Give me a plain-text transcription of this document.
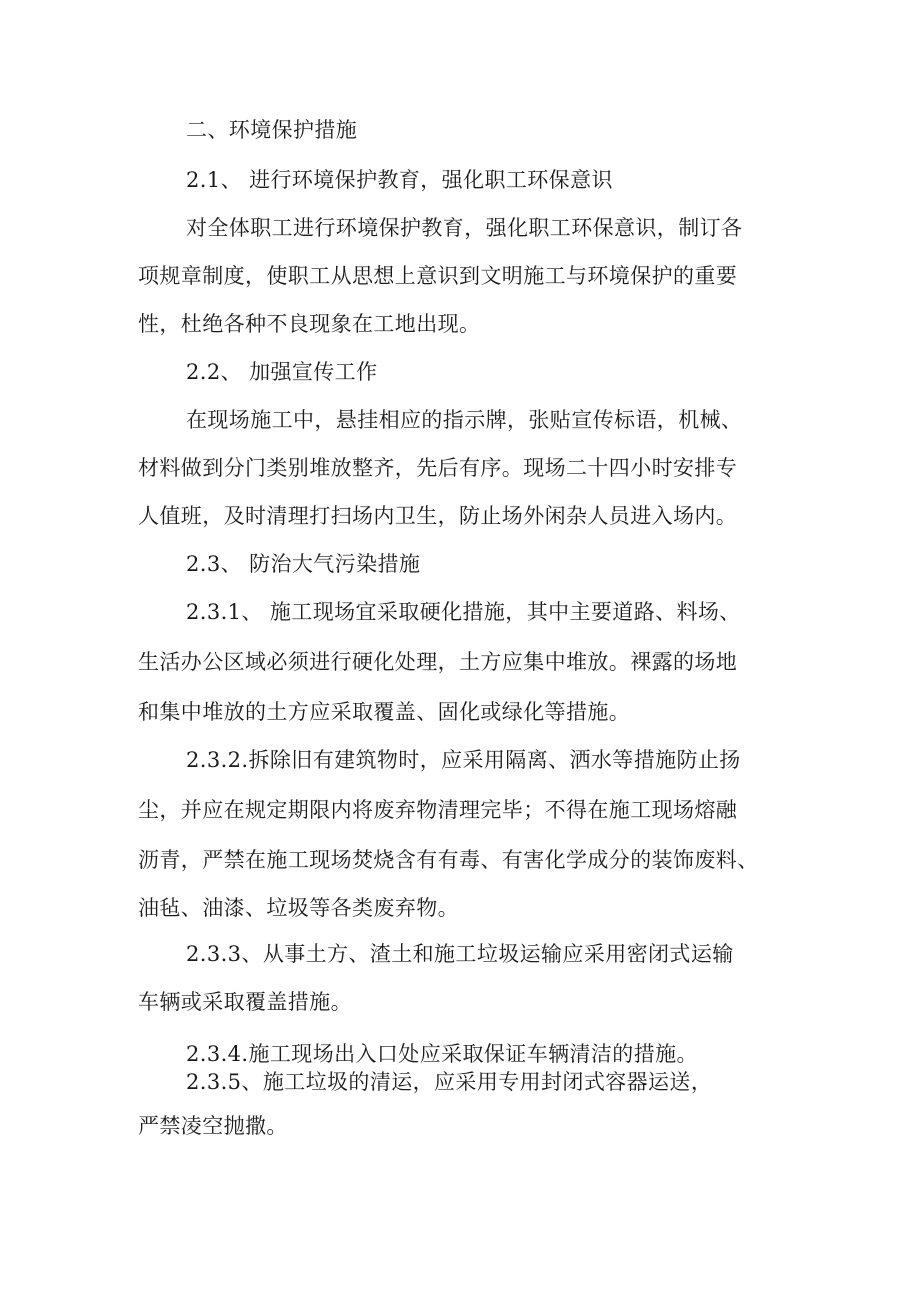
二、环境保护措施
2.1、 进行环境保护教育，强化职工环保意识
对全体职工进行环境保护教育，强化职工环保意识，制订各
项规章制度，使职工从思想上意识到文明施工与环境保护的重要
性，杜绝各种不良现象在工地出现。
2.2、 加强宣传工作
在现场施工中，悬挂相应的指示牌，张贴宣传标语，机械、
材料做到分门类别堆放整齐，先后有序。现场二十四小时安排专
人值班，及时清理打扫场内卫生，防止场外闲杂人员进入场内。
2.3、 防治大气污染措施
2.3.1、 施工现场宜采取硬化措施，其中主要道路、料场、
生活办公区域必须进行硬化处理，土方应集中堆放。裸露的场地
和集中堆放的土方应采取覆盖、固化或绿化等措施。
2.3.2.拆除旧有建筑物时，应采用隔离、洒水等措施防止扬
尘，并应在规定期限内将废弃物清理完毕；不得在施工现场熔融
沥青，严禁在施工现场焚烧含有有毒、有害化学成分的装饰废料、
油毡、油漆、垃圾等各类废弃物。
2.3.3、从事土方、渣土和施工垃圾运输应采用密闭式运输
车辆或采取覆盖措施。
2.3.4.施工现场出入口处应采取保证车辆清洁的措施。
2.3.5、施工垃圾的清运，应采用专用封闭式容器运送，
严禁凌空抛撒。
